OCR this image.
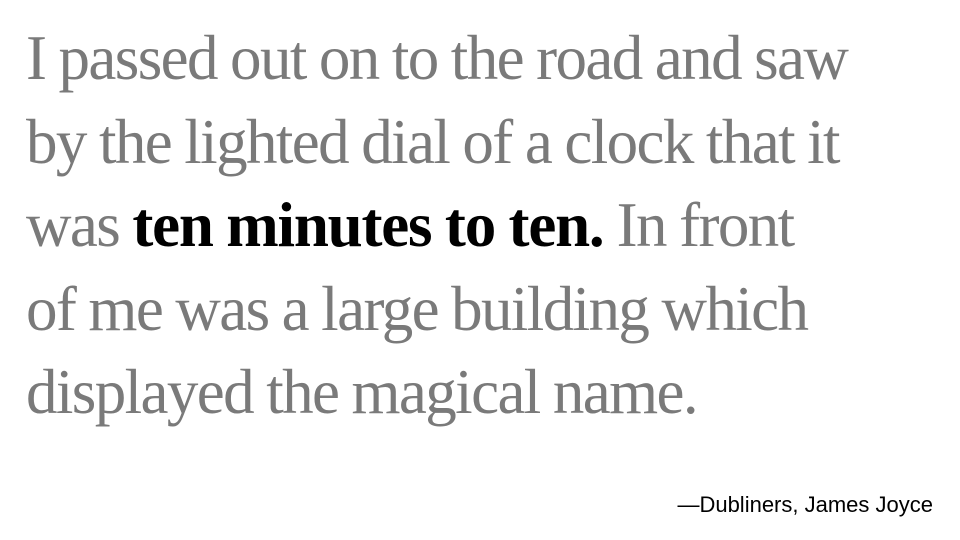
I passed out on to the road and saw
by the lighted dial of a clock that it
was ten minutes to ten. In front
of me was a large building which
displayed the magical name.

—Dubliners, James Joyce
